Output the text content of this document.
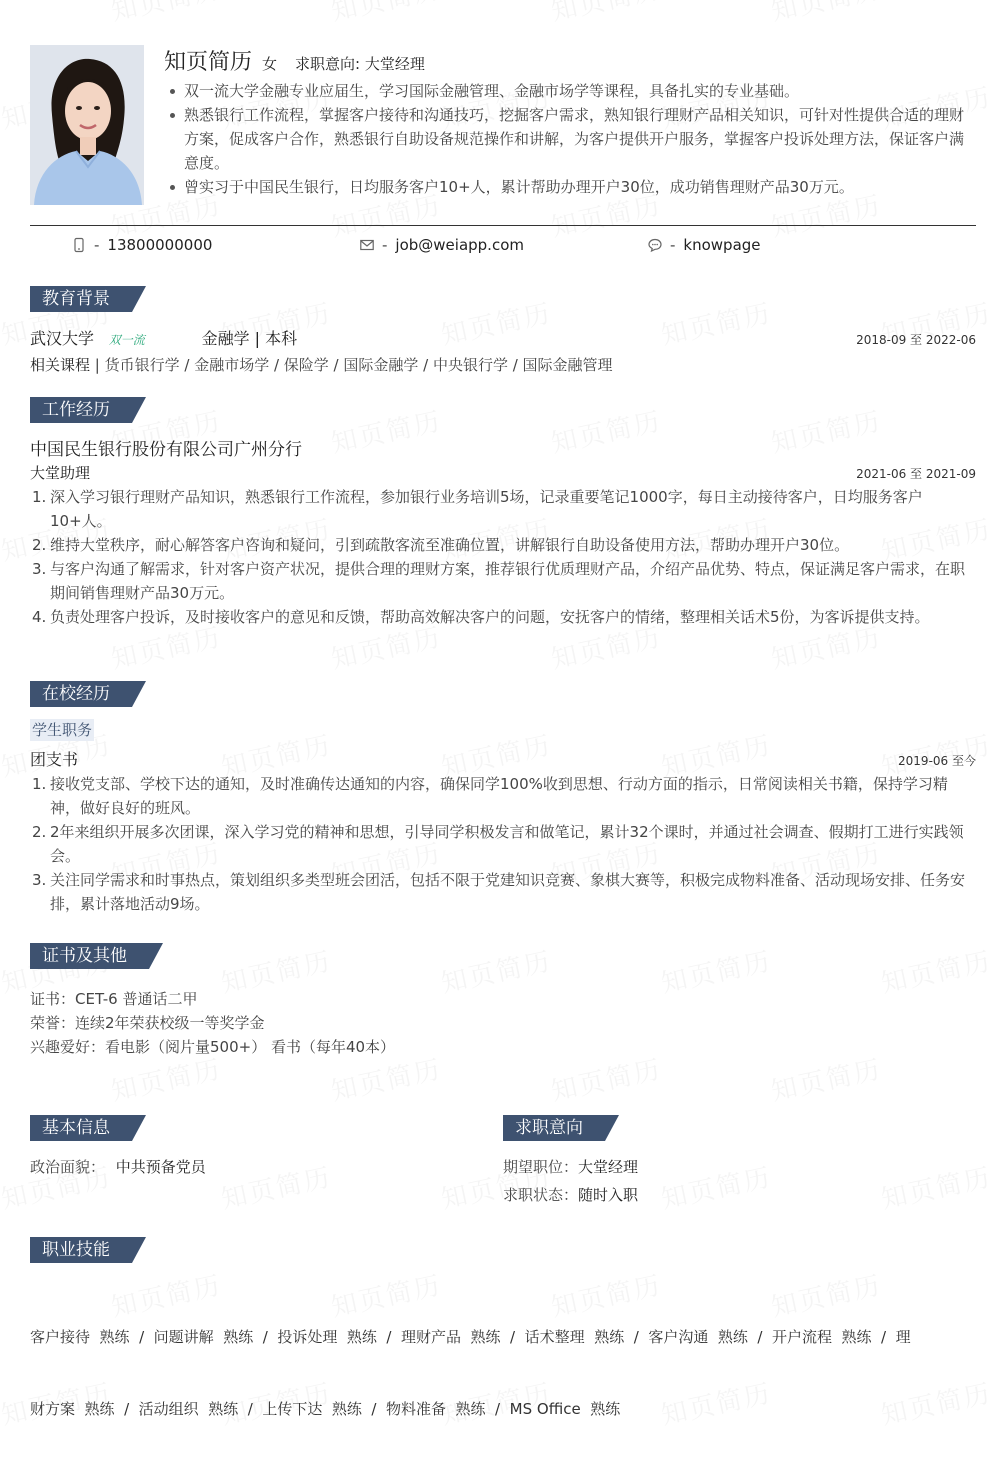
知页简历 女 求职意向: 大堂经理
双一流大学金融专业应届生，学习国际金融管理、金融市场学等课程，具备扎实的专业基础。
熟悉银行工作流程，掌握客户接待和沟通技巧，挖掘客户需求，熟知银行理财产品相关知识，可针对性提供合适的理财方案，促成客户合作，熟悉银行自助设备规范操作和讲解，为客户提供开户服务，掌握客户投诉处理方法，保证客户满意度。
曾实习于中国民生银行，日均服务客户10+人，累计帮助办理开户30位，成功销售理财产品30万元。
- 13800000000	- job@weiapp.com	- knowpage
教育背景
武汉大学 双一流	金融学 | 本科	2018-09 至 2022-06
相关课程 | 货币银行学 / 金融市场学 / 保险学 / 国际金融学 / 中央银行学 / 国际金融管理
工作经历
中国民生银行股份有限公司广州分行
大堂助理	2021-06 至 2021-09
1. 深入学习银行理财产品知识，熟悉银行工作流程，参加银行业务培训5场，记录重要笔记1000字，每日主动接待客户，日均服务客户10+人。
2. 维持大堂秩序，耐心解答客户咨询和疑问，引到疏散客流至准确位置，讲解银行自助设备使用方法，帮助办理开户30位。
3. 与客户沟通了解需求，针对客户资产状况，提供合理的理财方案，推荐银行优质理财产品，介绍产品优势、特点，保证满足客户需求，在职期间销售理财产品30万元。
4. 负责处理客户投诉，及时接收客户的意见和反馈，帮助高效解决客户的问题，安抚客户的情绪，整理相关话术5份，为客诉提供支持。
在校经历
学生职务
团支书	2019-06 至今
1. 接收党支部、学校下达的通知，及时准确传达通知的内容，确保同学100%收到思想、行动方面的指示，日常阅读相关书籍，保持学习精神，做好良好的班风。
2. 2年来组织开展多次团课，深入学习党的精神和思想，引导同学积极发言和做笔记，累计32个课时，并通过社会调查、假期打工进行实践领会。
3. 关注同学需求和时事热点，策划组织多类型班会团活，包括不限于党建知识竞赛、象棋大赛等，积极完成物料准备、活动现场安排、任务安排，累计落地活动9场。
证书及其他
证书：CET-6 普通话二甲
荣誉：连续2年荣获校级一等奖学金
兴趣爱好：看电影（阅片量500+） 看书（每年40本）
基本信息
政治面貌： 中共预备党员
求职意向
期望职位：大堂经理
求职状态：随时入职
职业技能

客户接待  熟练  /  问题讲解  熟练  /  投诉处理  熟练  /  理财产品  熟练  /  话术整理  熟练  /  客户沟通  熟练  /  开户流程  熟练  /  理

财方案  熟练  /  活动组织  熟练  /  上传下达  熟练  /  物料准备  熟练  /  MS Office  熟练
